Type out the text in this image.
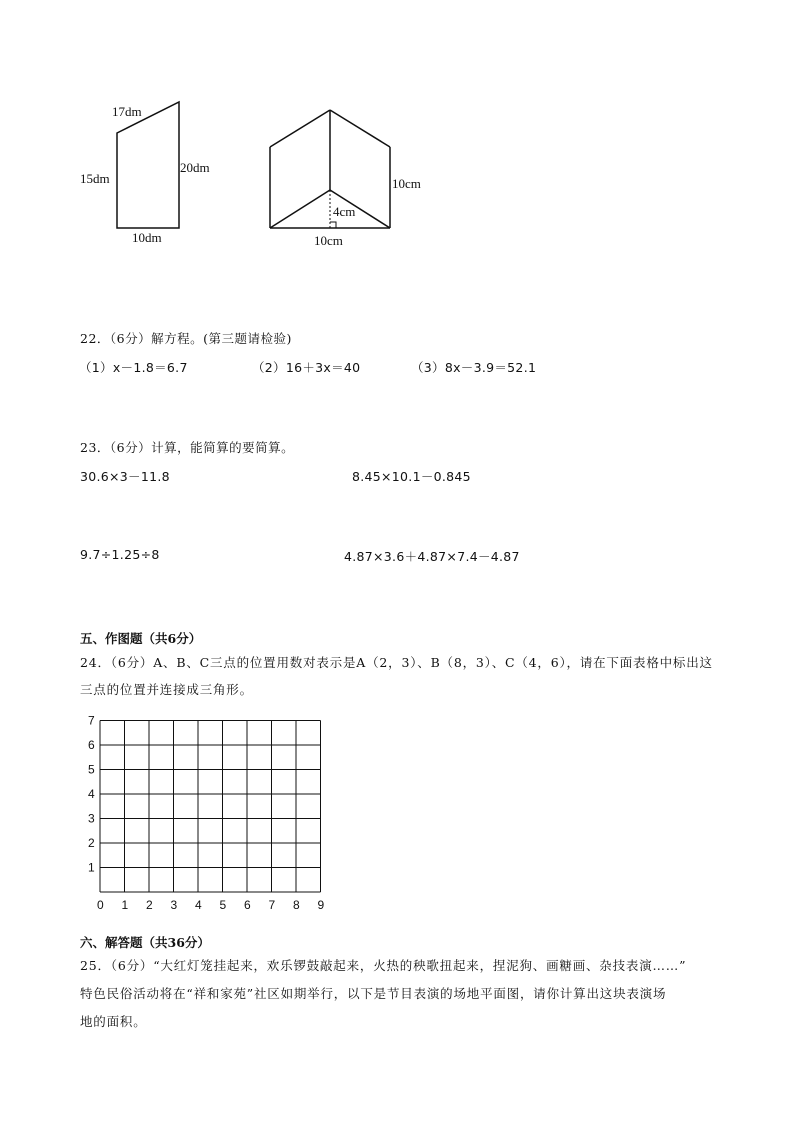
17dm
15dm
20dm
10dm
10cm
4cm
10cm
0 1 2 3 4 5 6 7 8 9
1
2
3
4
5
6
7
22．（6分）解方程。(第三题请检验)
（1）x－1.8＝6.7	（2）16＋3x＝40	（3）8x－3.9＝52.1
23．（6分）计算，能简算的要简算。
30.6×3－11.8	8.45×10.1－0.845
9.7÷1.25÷8	4.87×3.6＋4.87×7.4－4.87
五、作图题（共6分）
24．（6分）A、B、C三点的位置用数对表示是A（2，3）、B（8，3）、C（4，6），请在下面表格中标出这
三点的位置并连接成三角形。
六、解答题（共36分）
25．（6分）“大红灯笼挂起来，欢乐锣鼓敲起来，火热的秧歌扭起来，捏泥狗、画糖画、杂技表演……”
特色民俗活动将在“祥和家苑”社区如期举行，以下是节目表演的场地平面图，请你计算出这块表演场
地的面积。
